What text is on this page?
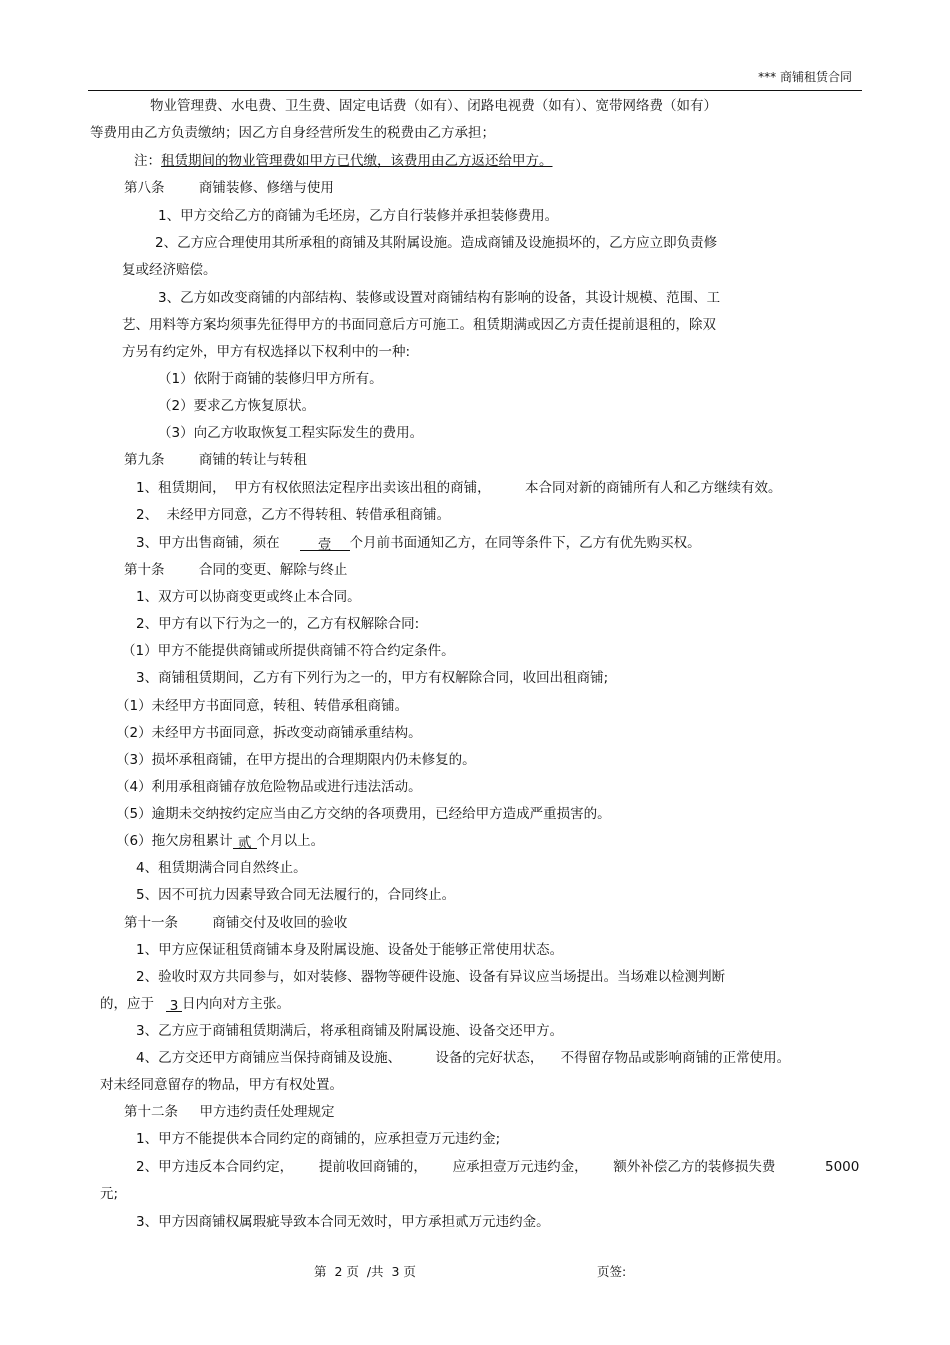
*** 商铺租赁合同
物业管理费、水电费、卫生费、固定电话费（如有）、闭路电视费（如有）、宽带网络费（如有）
等费用由乙方负责缴纳；因乙方自身经营所发生的税费由乙方承担；
注：租赁期间的物业管理费如甲方已代缴，该费用由乙方返还给甲方。
第八条        商铺装修、修缮与使用
1、甲方交给乙方的商铺为毛坯房，乙方自行装修并承担装修费用。
2、乙方应合理使用其所承租的商铺及其附属设施。造成商铺及设施损坏的，乙方应立即负责修
复或经济赔偿。
3、乙方如改变商铺的内部结构、装修或设置对商铺结构有影响的设备，其设计规模、范围、工
艺、用料等方案均须事先征得甲方的书面同意后方可施工。租赁期满或因乙方责任提前退租的，除双
方另有约定外，甲方有权选择以下权利中的一种:
（1）依附于商铺的装修归甲方所有。
（2）要求乙方恢复原状。
（3）向乙方收取恢复工程实际发生的费用。
第九条        商铺的转让与转租
1、租赁期间，  甲方有权依照法定程序出卖该出租的商铺，        本合同对新的商铺所有人和乙方继续有效。
2、  未经甲方同意，乙方不得转租、转借承租商铺。
3、甲方出售商铺，须在	壹 个月前书面通知乙方，在同等条件下，乙方有优先购买权。
第十条        合同的变更、解除与终止
1、双方可以协商变更或终止本合同。
2、甲方有以下行为之一的，乙方有权解除合同:
（1）甲方不能提供商铺或所提供商铺不符合约定条件。
3、商铺租赁期间，乙方有下列行为之一的，甲方有权解除合同，收回出租商铺;
（1）未经甲方书面同意，转租、转借承租商铺。
（2）未经甲方书面同意，拆改变动商铺承重结构。
（3）损坏承租商铺，在甲方提出的合理期限内仍未修复的。
（4）利用承租商铺存放危险物品或进行违法活动。
（5）逾期未交纳按约定应当由乙方交纳的各项费用，已经给甲方造成严重损害的。
（6）拖欠房租累计 贰 个月以上。
4、租赁期满合同自然终止。
5、因不可抗力因素导致合同无法履行的，合同终止。
第十一条        商铺交付及收回的验收
1、甲方应保证租赁商铺本身及附属设施、设备处于能够正常使用状态。
2、验收时双方共同参与，如对装修、器物等硬件设施、设备有异议应当场提出。当场难以检测判断
的，应于 3 日内向对方主张。
3、乙方应于商铺租赁期满后，将承租商铺及附属设施、设备交还甲方。
4、乙方交还甲方商铺应当保持商铺及设施、        设备的完好状态，    不得留存物品或影响商铺的正常使用。
对未经同意留存的物品，甲方有权处置。
第十二条     甲方违约责任处理规定
1、甲方不能提供本合同约定的商铺的，应承担壹万元违约金;
2、甲方违反本合同约定，      提前收回商铺的，      应承担壹万元违约金，      额外补偿乙方的装修损失费	5000
元;
3、甲方因商铺权属瑕疵导致本合同无效时，甲方承担贰万元违约金。
第  2 页  /共  3 页	页签:
